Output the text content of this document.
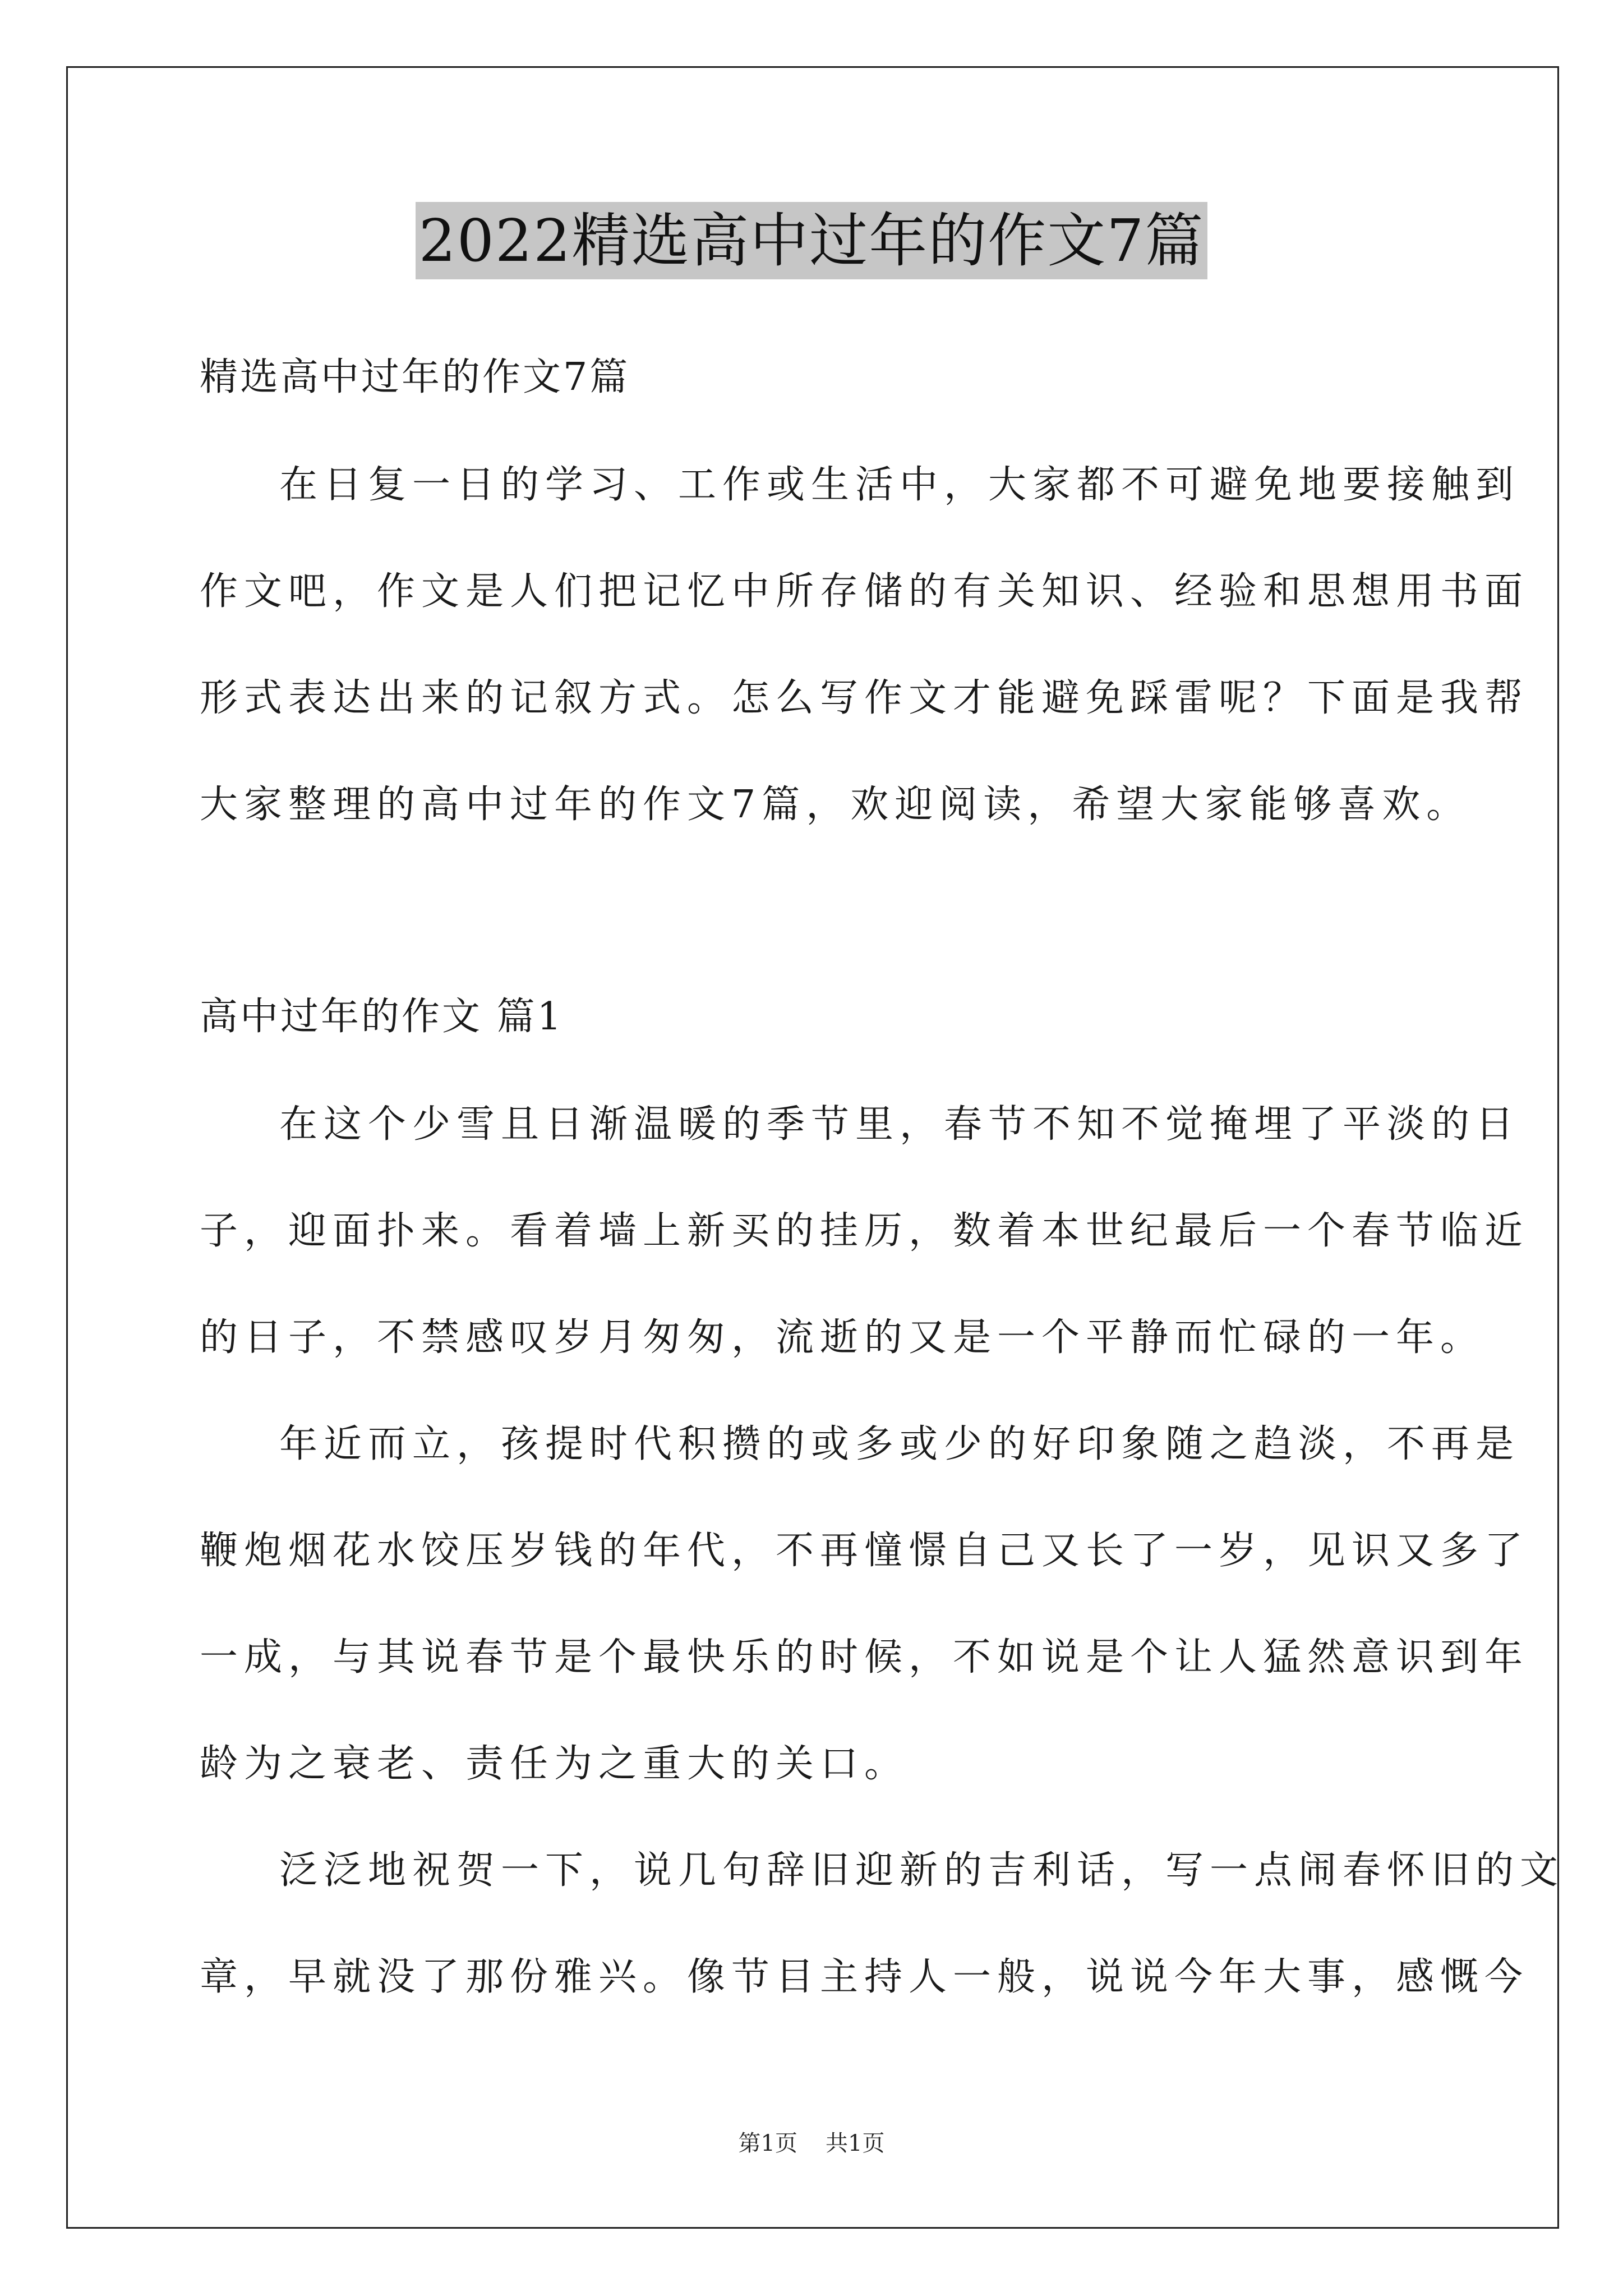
2022精选高中过年的作文7篇
精选高中过年的作文7篇
在日复一日的学习、工作或生活中，大家都不可避免地要接触到
作文吧，作文是人们把记忆中所存储的有关知识、经验和思想用书面
形式表达出来的记叙方式。怎么写作文才能避免踩雷呢？下面是我帮
大家整理的高中过年的作文7篇，欢迎阅读，希望大家能够喜欢。
高中过年的作文 篇1
在这个少雪且日渐温暖的季节里，春节不知不觉掩埋了平淡的日
子，迎面扑来。看着墙上新买的挂历，数着本世纪最后一个春节临近
的日子，不禁感叹岁月匆匆，流逝的又是一个平静而忙碌的一年。
年近而立，孩提时代积攒的或多或少的好印象随之趋淡，不再是
鞭炮烟花水饺压岁钱的年代，不再憧憬自己又长了一岁，见识又多了
一成，与其说春节是个最快乐的时候，不如说是个让人猛然意识到年
龄为之衰老、责任为之重大的关口。
泛泛地祝贺一下，说几句辞旧迎新的吉利话，写一点闹春怀旧的文
章，早就没了那份雅兴。像节目主持人一般，说说今年大事，感慨今
第1页 共1页
